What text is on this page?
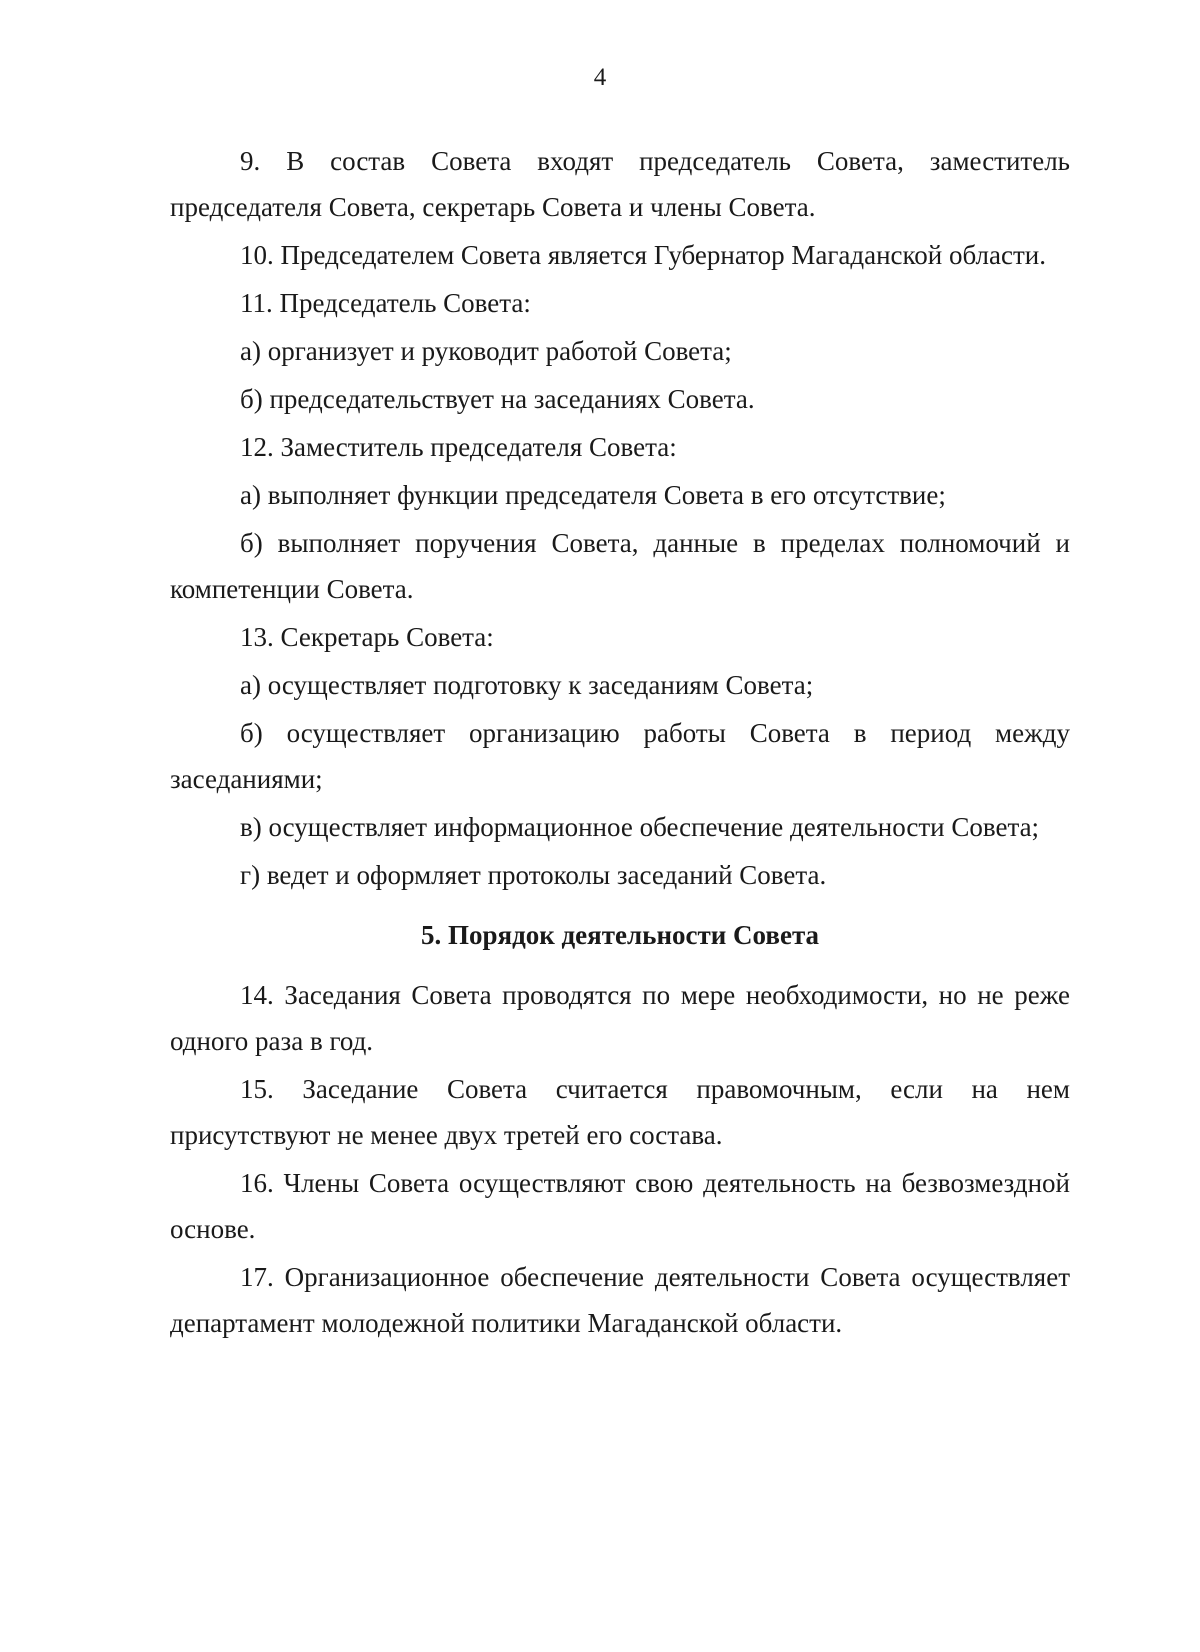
4

9. В состав Совета входят председатель Совета, заместитель председателя Совета, секретарь Совета и члены Совета.

10. Председателем Совета является Губернатор Магаданской области.

11. Председатель Совета:

а) организует и руководит работой Совета;

б) председательствует на заседаниях Совета.

12. Заместитель председателя Совета:

а) выполняет функции председателя Совета в его отсутствие;

б) выполняет поручения Совета, данные в пределах полномочий и компетенции Совета.

13. Секретарь Совета:

а) осуществляет подготовку к заседаниям Совета;

б) осуществляет организацию работы Совета в период между заседаниями;

в) осуществляет информационное обеспечение деятельности Совета;

г) ведет и оформляет протоколы заседаний Совета.

5. Порядок деятельности Совета

14. Заседания Совета проводятся по мере необходимости, но не реже одного раза в год.

15. Заседание Совета считается правомочным, если на нем присутствуют не менее двух третей его состава.

16. Члены Совета осуществляют свою деятельность на безвозмездной основе.

17. Организационное обеспечение деятельности Совета осуществляет департамент молодежной политики Магаданской области.
